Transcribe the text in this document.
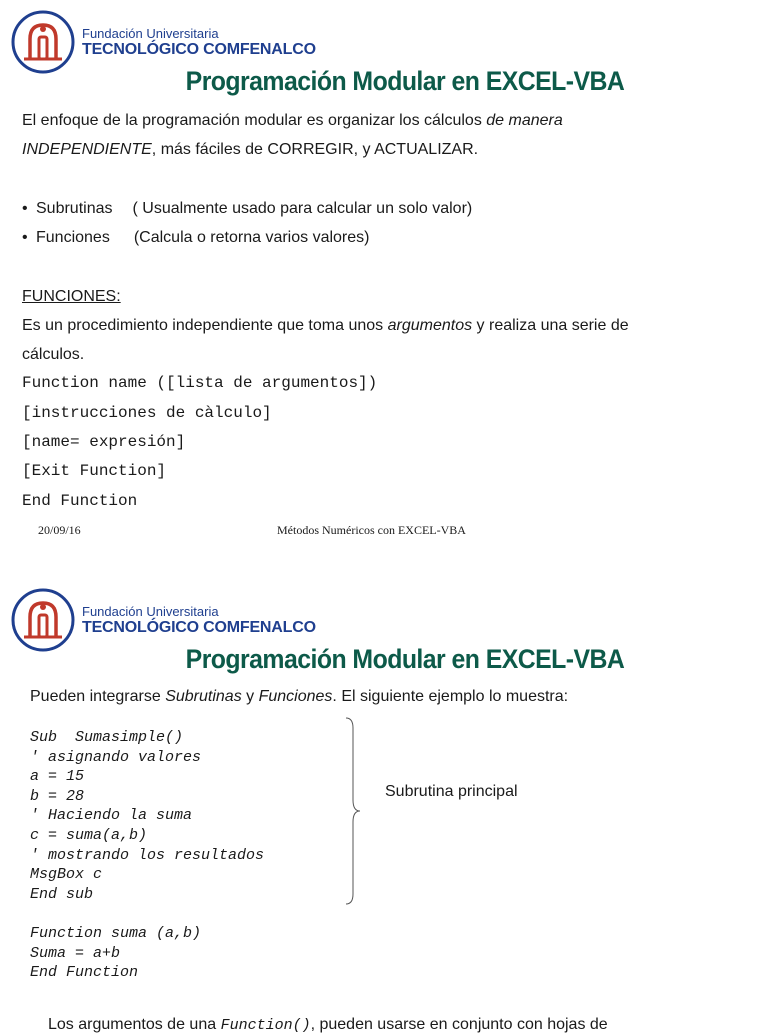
Fundación Universitaria
TECNOLÓGICO COMFENALCO
Programación Modular en EXCEL-VBA
El enfoque de la programación modular es organizar los cálculos de manera
INDEPENDIENTE, más fáciles de CORREGIR, y ACTUALIZAR.
• Subrutinas ( Usualmente usado para calcular un solo valor)
• Funciones (Calcula o retorna varios valores)
FUNCIONES:
Es un procedimiento independiente que toma unos argumentos y realiza una serie de
cálculos.
Function name ([lista de argumentos])
[instrucciones de càlculo]
[name= expresión]
[Exit Function]
End Function
20/09/16	Métodos Numéricos con EXCEL-VBA
Fundación Universitaria
TECNOLÓGICO COMFENALCO
Programación Modular en EXCEL-VBA
Pueden integrarse Subrutinas y Funciones. El siguiente ejemplo lo muestra:
Sub  Sumasimple()
' asignando valores
a = 15
b = 28
' Haciendo la suma
c = suma(a,b)
' mostrando los resultados
MsgBox c
End sub
Function suma (a,b)
Suma = a+b
End Function
Subrutina principal
Los argumentos de una Function(), pueden usarse en conjunto con hojas de
